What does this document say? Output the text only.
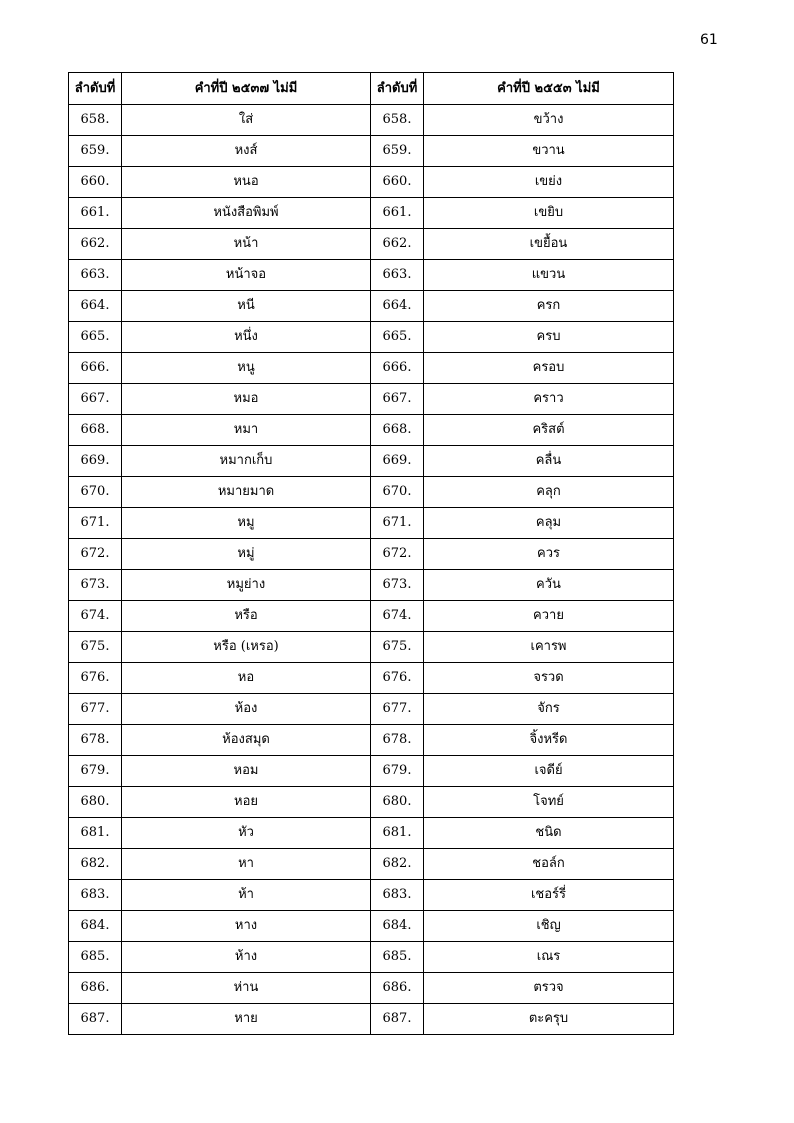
61
ลำดับที่	คำที่ปี ๒๕๓๗ ไม่มี	ลำดับที่	คำที่ปี ๒๕๕๓ ไม่มี
658.	ใส่	658.	ขว้าง
659.	หงส์	659.	ขวาน
660.	หนอ	660.	เขย่ง
661.	หนังสือพิมพ์	661.	เขยิบ
662.	หน้า	662.	เขยื้อน
663.	หน้าจอ	663.	แขวน
664.	หนี	664.	ครก
665.	หนึ่ง	665.	ครบ
666.	หนู	666.	ครอบ
667.	หมอ	667.	คราว
668.	หมา	668.	คริสต์
669.	หมากเก็บ	669.	คลื่น
670.	หมายมาด	670.	คลุก
671.	หมู	671.	คลุม
672.	หมู่	672.	ควร
673.	หมูย่าง	673.	ควัน
674.	หรือ	674.	ควาย
675.	หรือ (เหรอ)	675.	เคารพ
676.	หอ	676.	จรวด
677.	ห้อง	677.	จักร
678.	ห้องสมุด	678.	จิ้งหรีด
679.	หอม	679.	เจดีย์
680.	หอย	680.	โจทย์
681.	หัว	681.	ชนิด
682.	หา	682.	ชอล์ก
683.	ห้า	683.	เชอร์รี่
684.	หาง	684.	เชิญ
685.	ห้าง	685.	เณร
686.	ห่าน	686.	ตรวจ
687.	หาย	687.	ตะครุบ
